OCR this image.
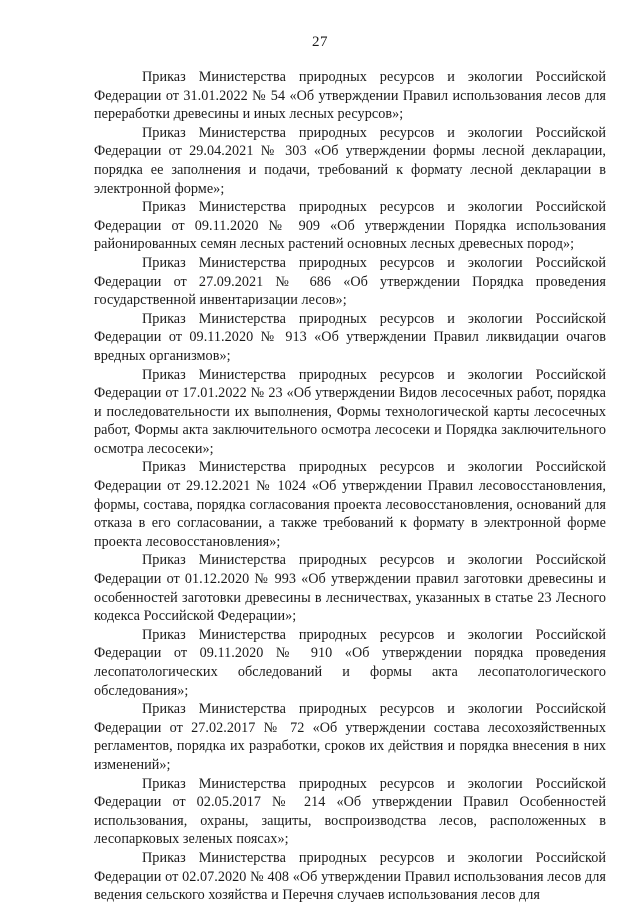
27

Приказ Министерства природных ресурсов и экологии Российской Федерации от 31.01.2022 № 54 «Об утверждении Правил использования лесов для переработки древесины и иных лесных ресурсов»;

Приказ Министерства природных ресурсов и экологии Российской Федерации от 29.04.2021 № 303 «Об утверждении формы лесной декларации, порядка ее заполнения и подачи, требований к формату лесной декларации в электронной форме»;

Приказ Министерства природных ресурсов и экологии Российской Федерации от 09.11.2020 № 909 «Об утверждении Порядка использования районированных семян лесных растений основных лесных древесных пород»;

Приказ Министерства природных ресурсов и экологии Российской Федерации от 27.09.2021 № 686 «Об утверждении Порядка проведения государственной инвентаризации лесов»;

Приказ Министерства природных ресурсов и экологии Российской Федерации от 09.11.2020 № 913 «Об утверждении Правил ликвидации очагов вредных организмов»;

Приказ Министерства природных ресурсов и экологии Российской Федерации от 17.01.2022 № 23 «Об утверждении Видов лесосечных работ, порядка и последовательности их выполнения, Формы технологической карты лесосечных работ, Формы акта заключительного осмотра лесосеки и Порядка заключительного осмотра лесосеки»;

Приказ Министерства природных ресурсов и экологии Российской Федерации от 29.12.2021 № 1024 «Об утверждении Правил лесовосстановления, формы, состава, порядка согласования проекта лесовосстановления, оснований для отказа в его согласовании, а также требований к формату в электронной форме проекта лесовосстановления»;

Приказ Министерства природных ресурсов и экологии Российской Федерации от 01.12.2020 № 993 «Об утверждении правил заготовки древесины и особенностей заготовки древесины в лесничествах, указанных в статье 23 Лесного кодекса Российской Федерации»;

Приказ Министерства природных ресурсов и экологии Российской Федерации от 09.11.2020 № 910 «Об утверждении порядка проведения лесопатологических обследований и формы акта лесопатологического обследования»;

Приказ Министерства природных ресурсов и экологии Российской Федерации от 27.02.2017 № 72 «Об утверждении состава лесохозяйственных регламентов, порядка их разработки, сроков их действия и порядка внесения в них изменений»;

Приказ Министерства природных ресурсов и экологии Российской Федерации от 02.05.2017 № 214 «Об утверждении Правил Особенностей использования, охраны, защиты, воспроизводства лесов, расположенных в лесопарковых зеленых поясах»;

Приказ Министерства природных ресурсов и экологии Российской Федерации от 02.07.2020 № 408 «Об утверждении Правил использования лесов для ведения сельского хозяйства и Перечня случаев использования лесов для
